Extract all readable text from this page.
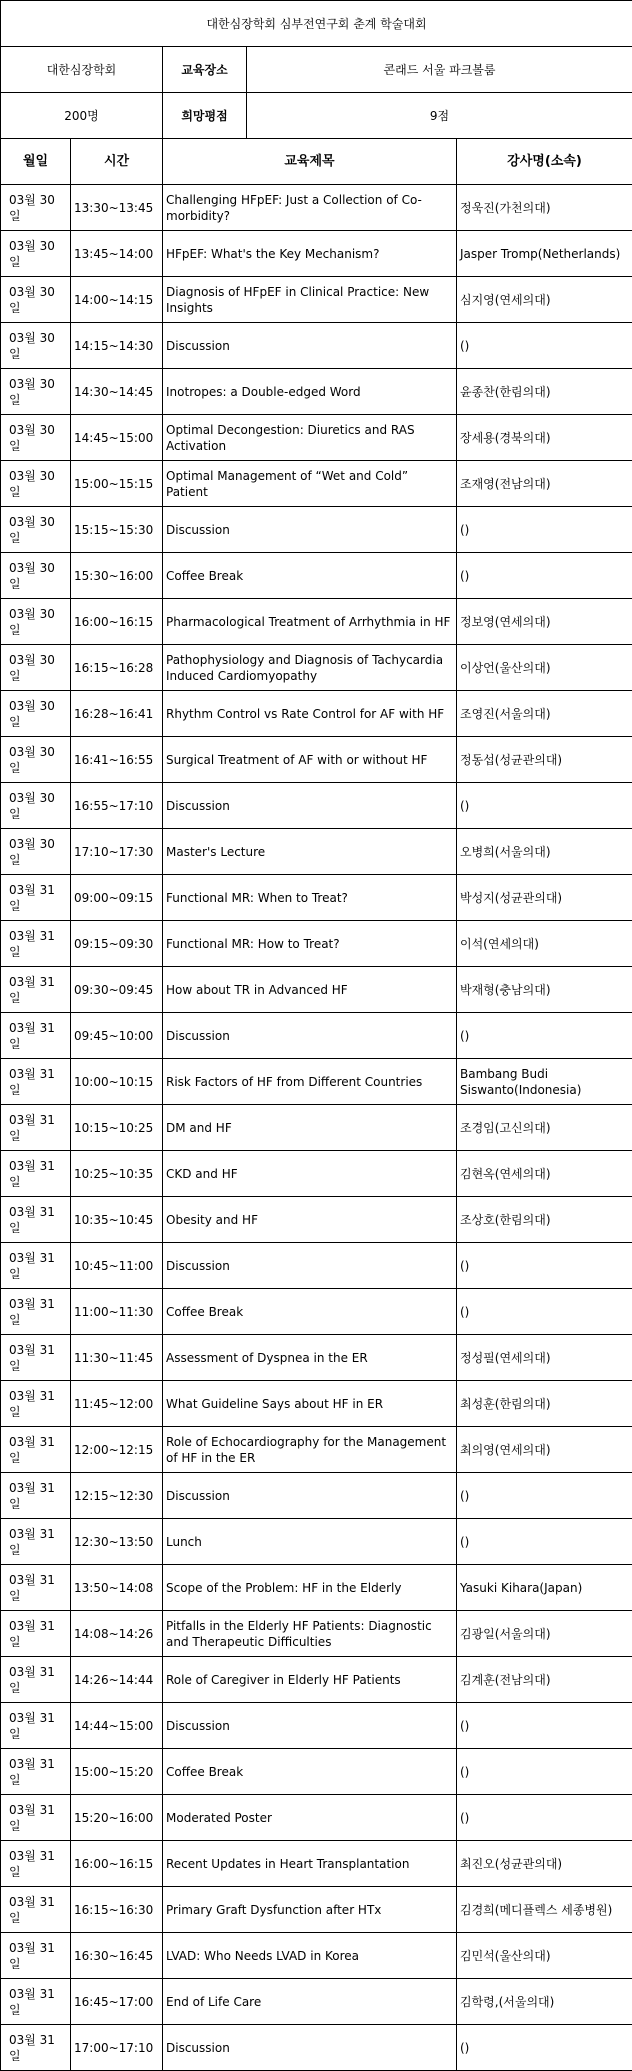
대한심장학회 심부전연구회 춘계 학술대회				
대한심장학회		교육장소	콘래드 서울 파크볼룸	
200명		희망평점	9점	
월일	시간	교육제목		강사명(소속)
03월 30일	13:30~13:45	Challenging HFpEF: Just a Collection of Co-morbidity?		정욱진(가천의대)
03월 30일	13:45~14:00	HFpEF: What's the Key Mechanism?		Jasper Tromp(Netherlands)
03월 30일	14:00~14:15	Diagnosis of HFpEF in Clinical Practice: New Insights		심지영(연세의대)
03월 30일	14:15~14:30	Discussion		()
03월 30일	14:30~14:45	Inotropes: a Double-edged Word		윤종찬(한림의대)
03월 30일	14:45~15:00	Optimal Decongestion: Diuretics and RAS Activation		장세용(경북의대)
03월 30일	15:00~15:15	Optimal Management of “Wet and Cold” Patient		조재영(전남의대)
03월 30일	15:15~15:30	Discussion		()
03월 30일	15:30~16:00	Coffee Break		()
03월 30일	16:00~16:15	Pharmacological Treatment of Arrhythmia in HF		정보영(연세의대)
03월 30일	16:15~16:28	Pathophysiology and Diagnosis of Tachycardia Induced Cardiomyopathy		이상언(울산의대)
03월 30일	16:28~16:41	Rhythm Control vs Rate Control for AF with HF		조영진(서울의대)
03월 30일	16:41~16:55	Surgical Treatment of AF with or without HF		정동섭(성균관의대)
03월 30일	16:55~17:10	Discussion		()
03월 30일	17:10~17:30	Master's Lecture		오병희(서울의대)
03월 31일	09:00~09:15	Functional MR: When to Treat?		박성지(성균관의대)
03월 31일	09:15~09:30	Functional MR: How to Treat?		이석(연세의대)
03월 31일	09:30~09:45	How about TR in Advanced HF		박재형(충남의대)
03월 31일	09:45~10:00	Discussion		()
03월 31일	10:00~10:15	Risk Factors of HF from Different Countries		Bambang Budi Siswanto(Indonesia)
03월 31일	10:15~10:25	DM and HF		조경임(고신의대)
03월 31일	10:25~10:35	CKD and HF		김현옥(연세의대)
03월 31일	10:35~10:45	Obesity and HF		조상호(한림의대)
03월 31일	10:45~11:00	Discussion		()
03월 31일	11:00~11:30	Coffee Break		()
03월 31일	11:30~11:45	Assessment of Dyspnea in the ER		정성필(연세의대)
03월 31일	11:45~12:00	What Guideline Says about HF in ER		최성훈(한림의대)
03월 31일	12:00~12:15	Role of Echocardiography for the Management of HF in the ER		최의영(연세의대)
03월 31일	12:15~12:30	Discussion		()
03월 31일	12:30~13:50	Lunch		()
03월 31일	13:50~14:08	Scope of the Problem: HF in the Elderly		Yasuki Kihara(Japan)
03월 31일	14:08~14:26	Pitfalls in the Elderly HF Patients: Diagnostic and Therapeutic Difficulties		김광일(서울의대)
03월 31일	14:26~14:44	Role of Caregiver in Elderly HF Patients		김계훈(전남의대)
03월 31일	14:44~15:00	Discussion		()
03월 31일	15:00~15:20	Coffee Break		()
03월 31일	15:20~16:00	Moderated Poster		()
03월 31일	16:00~16:15	Recent Updates in Heart Transplantation		최진오(성균관의대)
03월 31일	16:15~16:30	Primary Graft Dysfunction after HTx		김경희(메디플렉스 세종병원)
03월 31일	16:30~16:45	LVAD: Who Needs LVAD in Korea		김민석(울산의대)
03월 31일	16:45~17:00	End of Life Care		김학령,(서울의대)
03월 31일	17:00~17:10	Discussion		()
